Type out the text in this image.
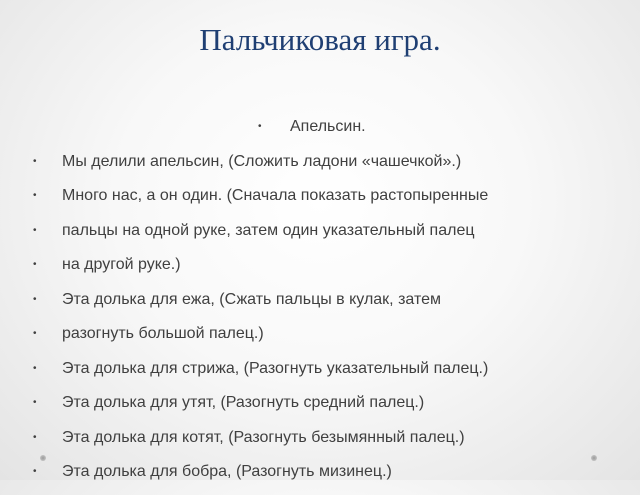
Пальчиковая игра.
• Апельсин.
• Мы делили апельсин, (Сложить ладони «чашечкой».)
• Много нас, а он один. (Сначала показать растопыренные
• пальцы на одной руке, затем один указательный палец
• на другой руке.)
• Эта долька для ежа, (Сжать пальцы в кулак, затем
• разогнуть большой палец.)
• Эта долька для стрижа, (Разогнуть указательный палец.)
• Эта долька для утят, (Разогнуть средний палец.)
• Эта долька для котят, (Разогнуть безымянный палец.)
• Эта долька для бобра, (Разогнуть мизинец.)
